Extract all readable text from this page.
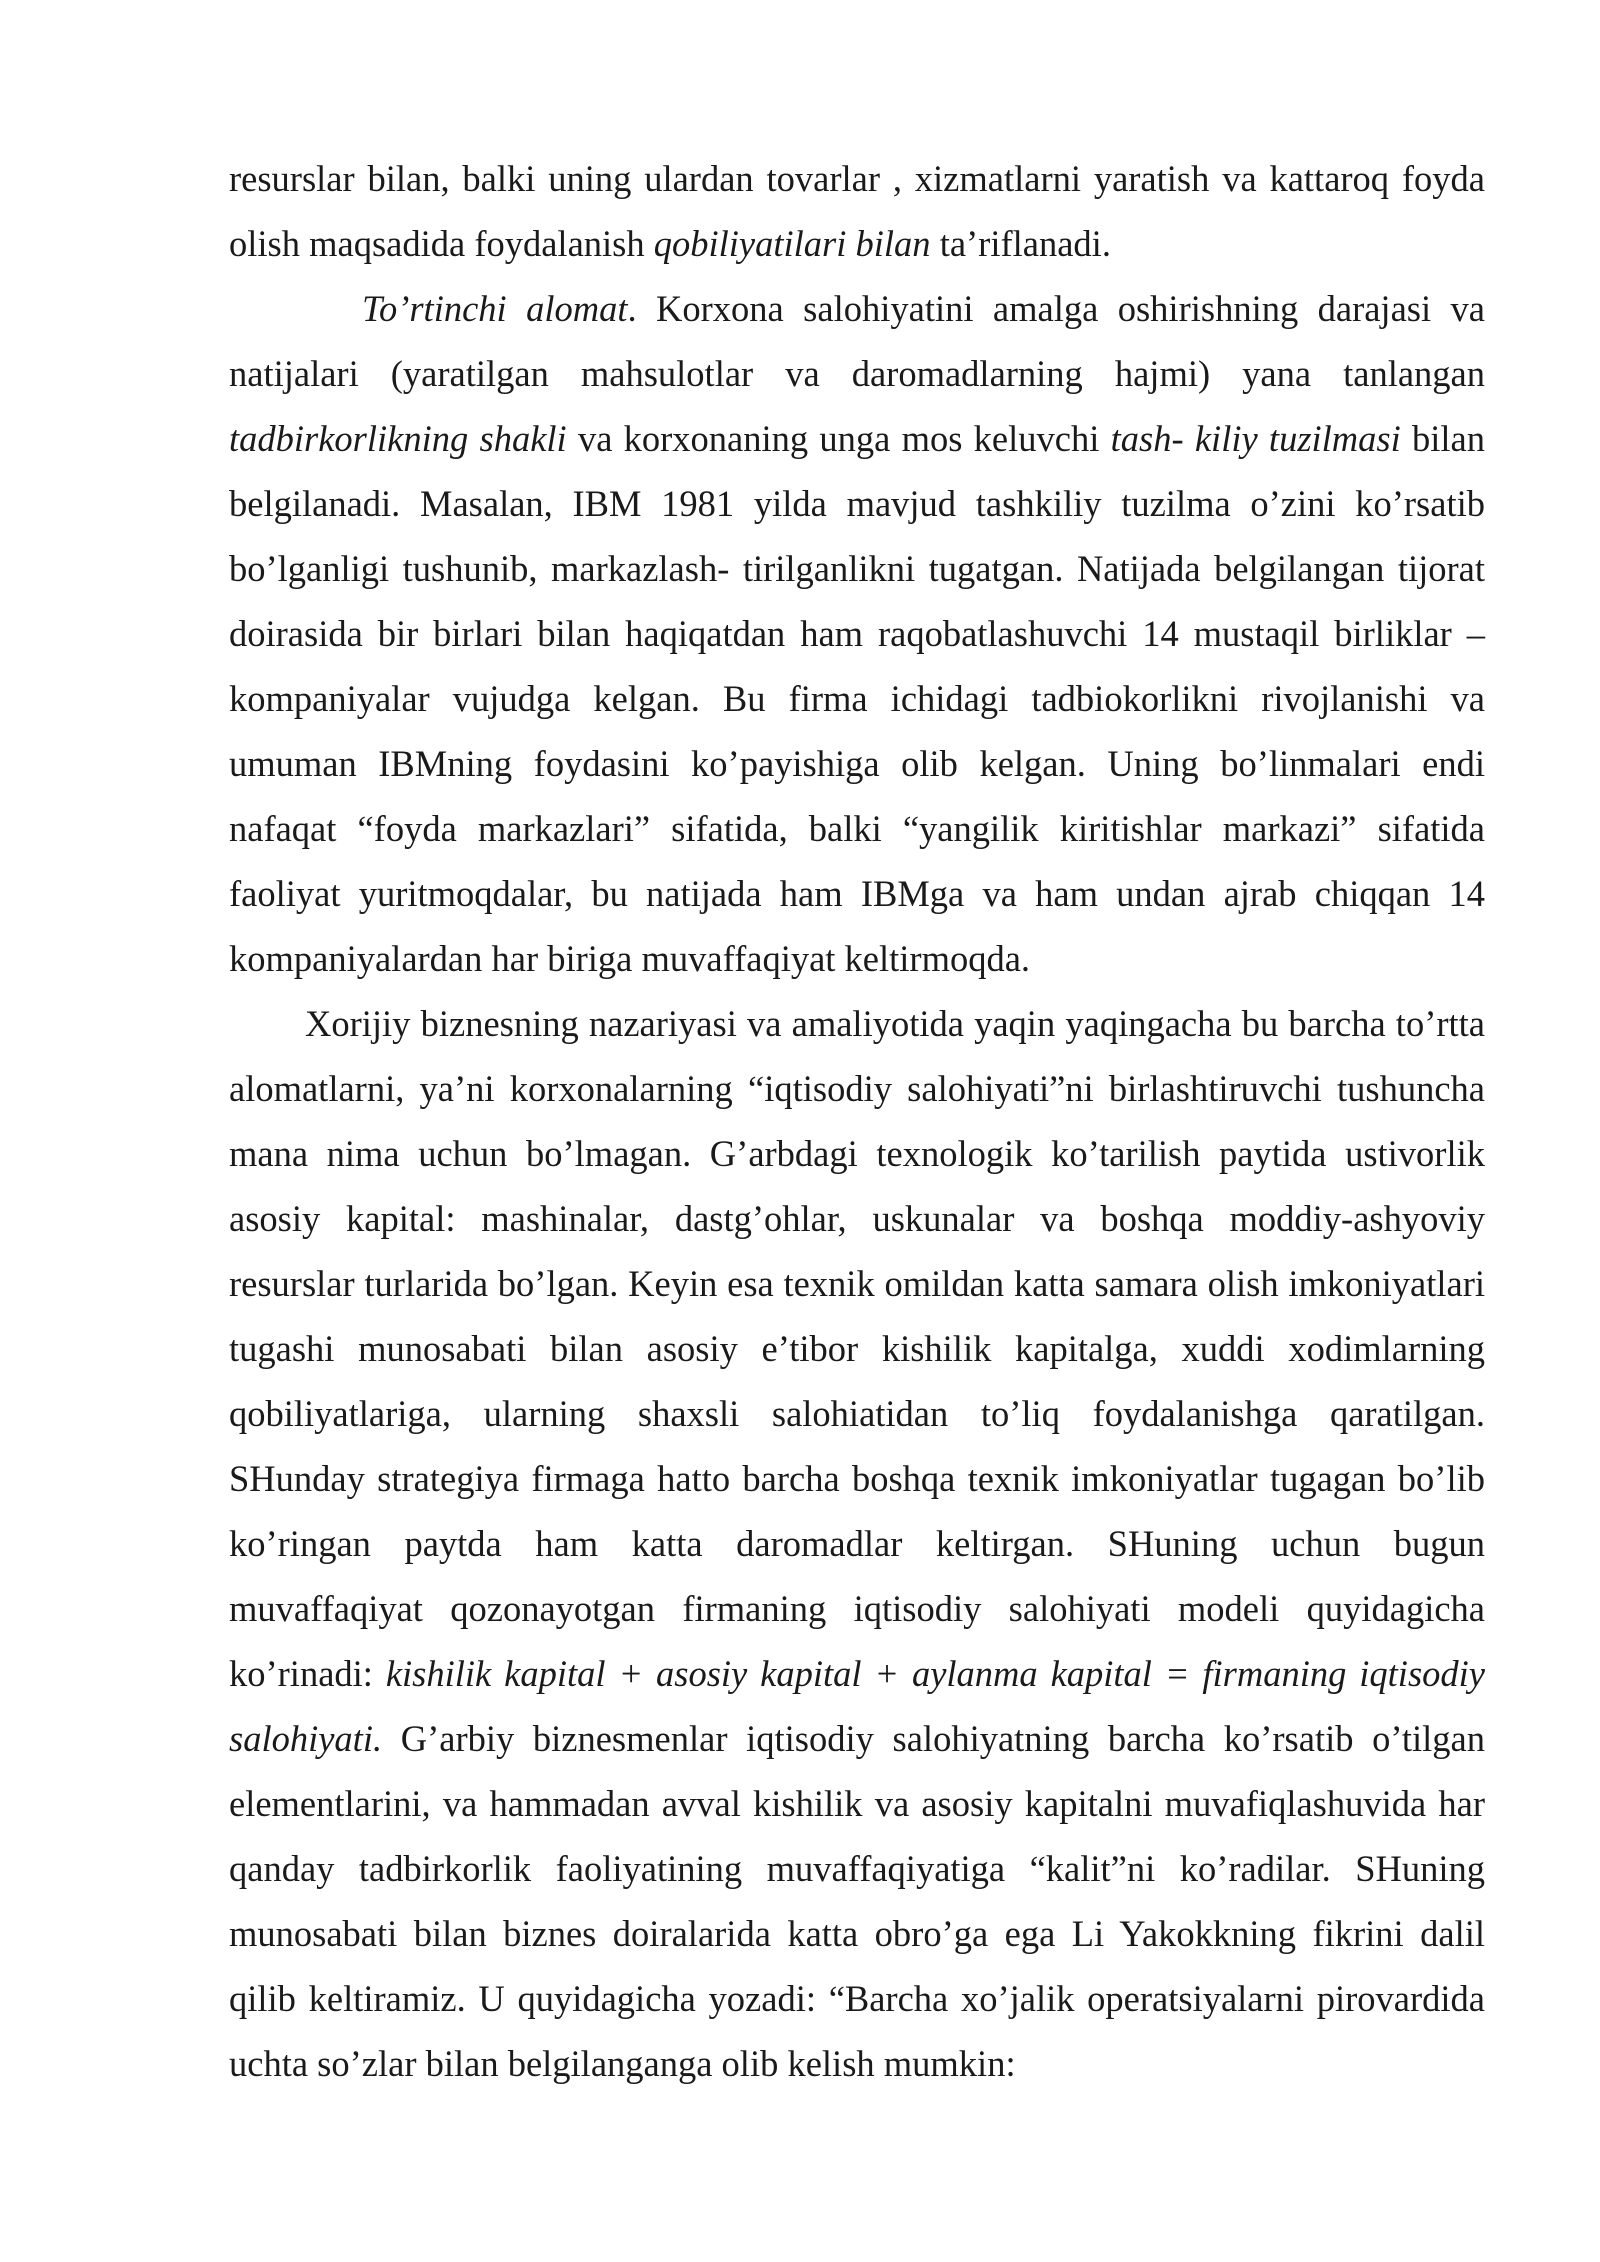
resurslar bilan, balki uning ulardan tovarlar , xizmatlarni yaratish va kattaroq foyda olish maqsadida foydalanish qobiliyatilari bilan ta’riflanadi.

To’rtinchi alomat. Korxona salohiyatini amalga oshirishning darajasi va natijalari (yaratilgan mahsulotlar va daromadlarning hajmi) yana tanlangan tadbirkorlikning shakli va korxonaning unga mos keluvchi tash- kiliy tuzilmasi bilan belgilanadi. Masalan, IBM 1981 yilda mavjud tashkiliy tuzilma o’zini ko’rsatib bo’lganligi tushunib, markazlash- tirilganlikni tugatgan. Natijada belgilangan tijorat doirasida bir birlari bilan haqiqatdan ham raqobatlashuvchi 14 mustaqil birliklar – kompaniyalar vujudga kelgan. Bu firma ichidagi tadbiokorlikni rivojlanishi va umuman IBMning foydasini ko’payishiga olib kelgan. Uning bo’linmalari endi nafaqat “foyda markazlari” sifatida, balki “yangilik kiritishlar markazi” sifatida faoliyat yuritmoqdalar, bu natijada ham IBMga va ham undan ajrab chiqqan 14 kompaniyalardan har biriga muvaffaqiyat keltirmoqda.

Xorijiy biznesning nazariyasi va amaliyotida yaqin yaqingacha bu barcha to’rtta alomatlarni, ya’ni korxonalarning “iqtisodiy salohiyati”ni birlashtiruvchi tushuncha mana nima uchun bo’lmagan. G’arbdagi texnologik ko’tarilish paytida ustivorlik asosiy kapital: mashinalar, dastg’ohlar, uskunalar va boshqa moddiy-ashyoviy resurslar turlarida bo’lgan. Keyin esa texnik omildan katta samara olish imkoniyatlari tugashi munosabati bilan asosiy e’tibor kishilik kapitalga, xuddi xodimlarning qobiliyatlariga, ularning shaxsli salohiatidan to’liq foydalanishga qaratilgan. SHunday strategiya firmaga hatto barcha boshqa texnik imkoniyatlar tugagan bo’lib ko’ringan paytda ham katta daromadlar keltirgan. SHuning uchun bugun muvaffaqiyat qozonayotgan firmaning iqtisodiy salohiyati modeli quyidagicha ko’rinadi: kishilik kapital + asosiy kapital + aylanma kapital = firmaning iqtisodiy salohiyati. G’arbiy biznesmenlar iqtisodiy salohiyatning barcha ko’rsatib o’tilgan elementlarini, va hammadan avval kishilik va asosiy kapitalni muvafiqlashuvida har qanday tadbirkorlik faoliyatining muvaffaqiyatiga “kalit”ni ko’radilar. SHuning munosabati bilan biznes doiralarida katta obro’ga ega Li Yakokkning fikrini dalil qilib keltiramiz. U quyidagicha yozadi: “Barcha xo’jalik operatsiyalarni pirovardida uchta so’zlar bilan belgilanganga olib kelish mumkin:
